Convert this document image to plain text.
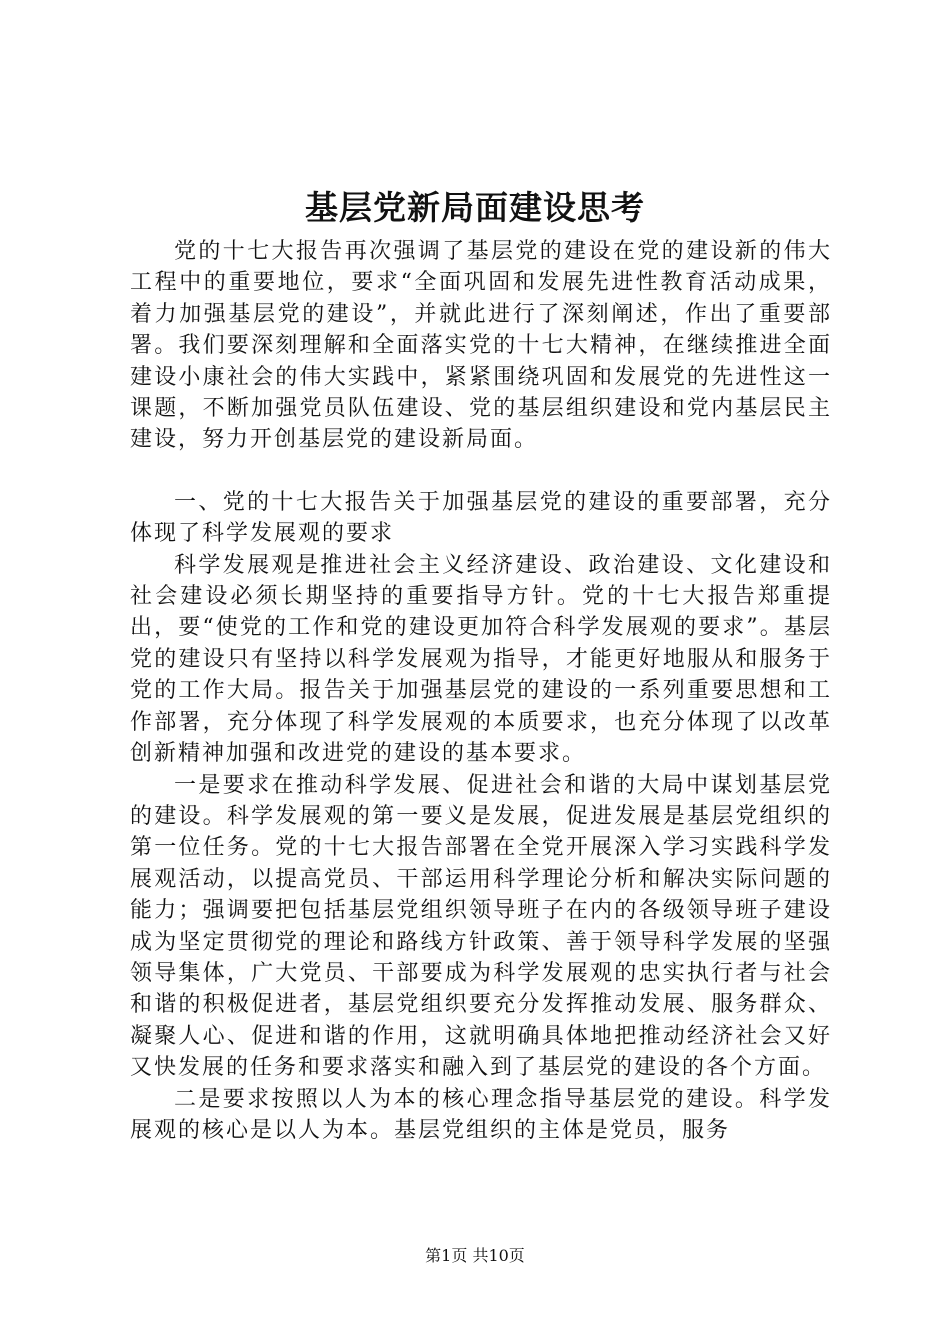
基层党新局面建设思考

党的十七大报告再次强调了基层党的建设在党的建设新的伟大工程中的重要地位，要求“全面巩固和发展先进性教育活动成果，着力加强基层党的建设”，并就此进行了深刻阐述，作出了重要部署。我们要深刻理解和全面落实党的十七大精神，在继续推进全面建设小康社会的伟大实践中，紧紧围绕巩固和发展党的先进性这一课题，不断加强党员队伍建设、党的基层组织建设和党内基层民主建设，努力开创基层党的建设新局面。

一、党的十七大报告关于加强基层党的建设的重要部署，充分体现了科学发展观的要求

科学发展观是推进社会主义经济建设、政治建设、文化建设和社会建设必须长期坚持的重要指导方针。党的十七大报告郑重提出，要“使党的工作和党的建设更加符合科学发展观的要求”。基层党的建设只有坚持以科学发展观为指导，才能更好地服从和服务于党的工作大局。报告关于加强基层党的建设的一系列重要思想和工作部署，充分体现了科学发展观的本质要求，也充分体现了以改革创新精神加强和改进党的建设的基本要求。

一是要求在推动科学发展、促进社会和谐的大局中谋划基层党的建设。科学发展观的第一要义是发展，促进发展是基层党组织的第一位任务。党的十七大报告部署在全党开展深入学习实践科学发展观活动，以提高党员、干部运用科学理论分析和解决实际问题的能力；强调要把包括基层党组织领导班子在内的各级领导班子建设成为坚定贯彻党的理论和路线方针政策、善于领导科学发展的坚强领导集体，广大党员、干部要成为科学发展观的忠实执行者与社会和谐的积极促进者，基层党组织要充分发挥推动发展、服务群众、凝聚人心、促进和谐的作用，这就明确具体地把推动经济社会又好又快发展的任务和要求落实和融入到了基层党的建设的各个方面。

二是要求按照以人为本的核心理念指导基层党的建设。科学发展观的核心是以人为本。基层党组织的主体是党员，服务

第1页 共10页
